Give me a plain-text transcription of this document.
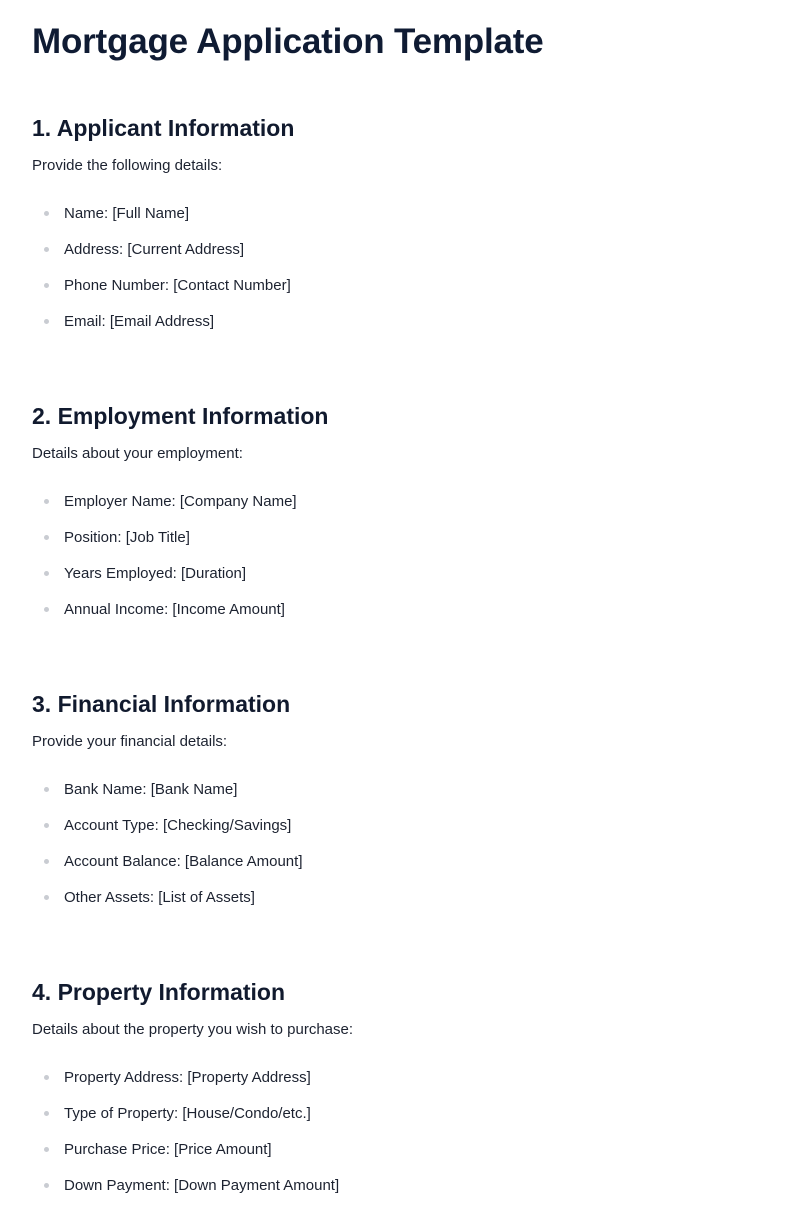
Mortgage Application Template
1. Applicant Information

Provide the following details:

Name: [Full Name]
Address: [Current Address]
Phone Number: [Contact Number]
Email: [Email Address]
2. Employment Information

Details about your employment:

Employer Name: [Company Name]
Position: [Job Title]
Years Employed: [Duration]
Annual Income: [Income Amount]
3. Financial Information

Provide your financial details:

Bank Name: [Bank Name]
Account Type: [Checking/Savings]
Account Balance: [Balance Amount]
Other Assets: [List of Assets]
4. Property Information

Details about the property you wish to purchase:

Property Address: [Property Address]
Type of Property: [House/Condo/etc.]
Purchase Price: [Price Amount]
Down Payment: [Down Payment Amount]
